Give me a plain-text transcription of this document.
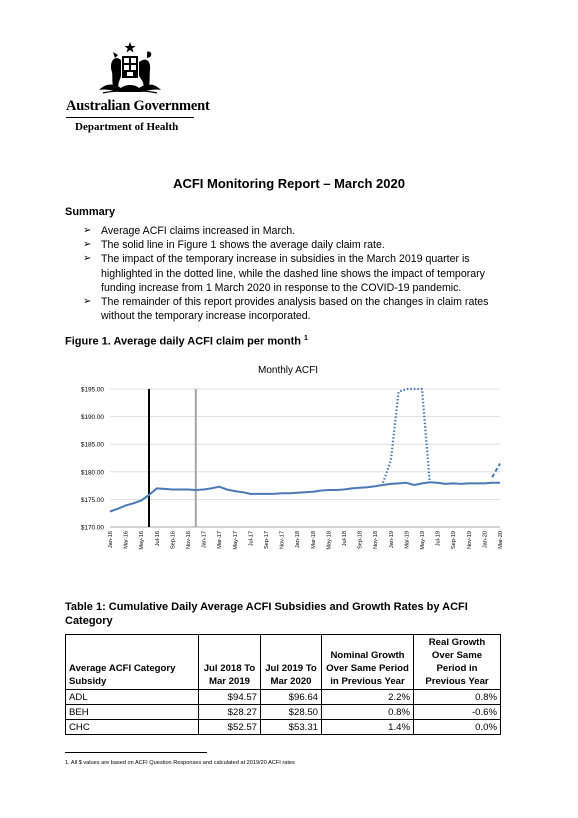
Australian Government
Department of Health
ACFI Monitoring Report – March 2020
Summary
➢ Average ACFI claims increased in March.
➢ The solid line in Figure 1 shows the average daily claim rate.
➢ The impact of the temporary increase in subsidies in the March 2019 quarter is highlighted in the dotted line, while the dashed line shows the impact of temporary funding increase from 1 March 2020 in response to the COVID-19 pandemic.
➢ The remainder of this report provides analysis based on the changes in claim rates without the temporary increase incorporated.
Figure 1. Average daily ACFI claim per month $^1$
Monthly ACFI
$170.00
$175.00
$180.00
$185.00
$190.00
$195.00
Jan-16 Mar-16 May-16 Jul-16 Sep-16 Nov-16 Jan-17 Mar-17 May-17 Jul-17 Sep-17 Nov-17 Jan-18 Mar-18 May-18 Jul-18 Sep-18 Nov-18 Jan-19 Mar-19 May-19 Jul-19 Sep-19 Nov-19 Jan-20 Mar-20
Table 1: Cumulative Daily Average ACFI Subsidies and Growth Rates by ACFI Category
Average ACFI Category Subsidy	Jul 2018 To Mar 2019	Jul 2019 To Mar 2020	Nominal Growth Over Same Period in Previous Year	Real Growth Over Same Period in Previous Year
ADL	$94.57	$96.64	2.2%	0.8%
BEH	$28.27	$28.50	0.8%	-0.6%
CHC	$52.57	$53.31	1.4%	0.0%
1. All $ values are based on ACFI Question Responses and calculated at 2019/20 ACFI rates
